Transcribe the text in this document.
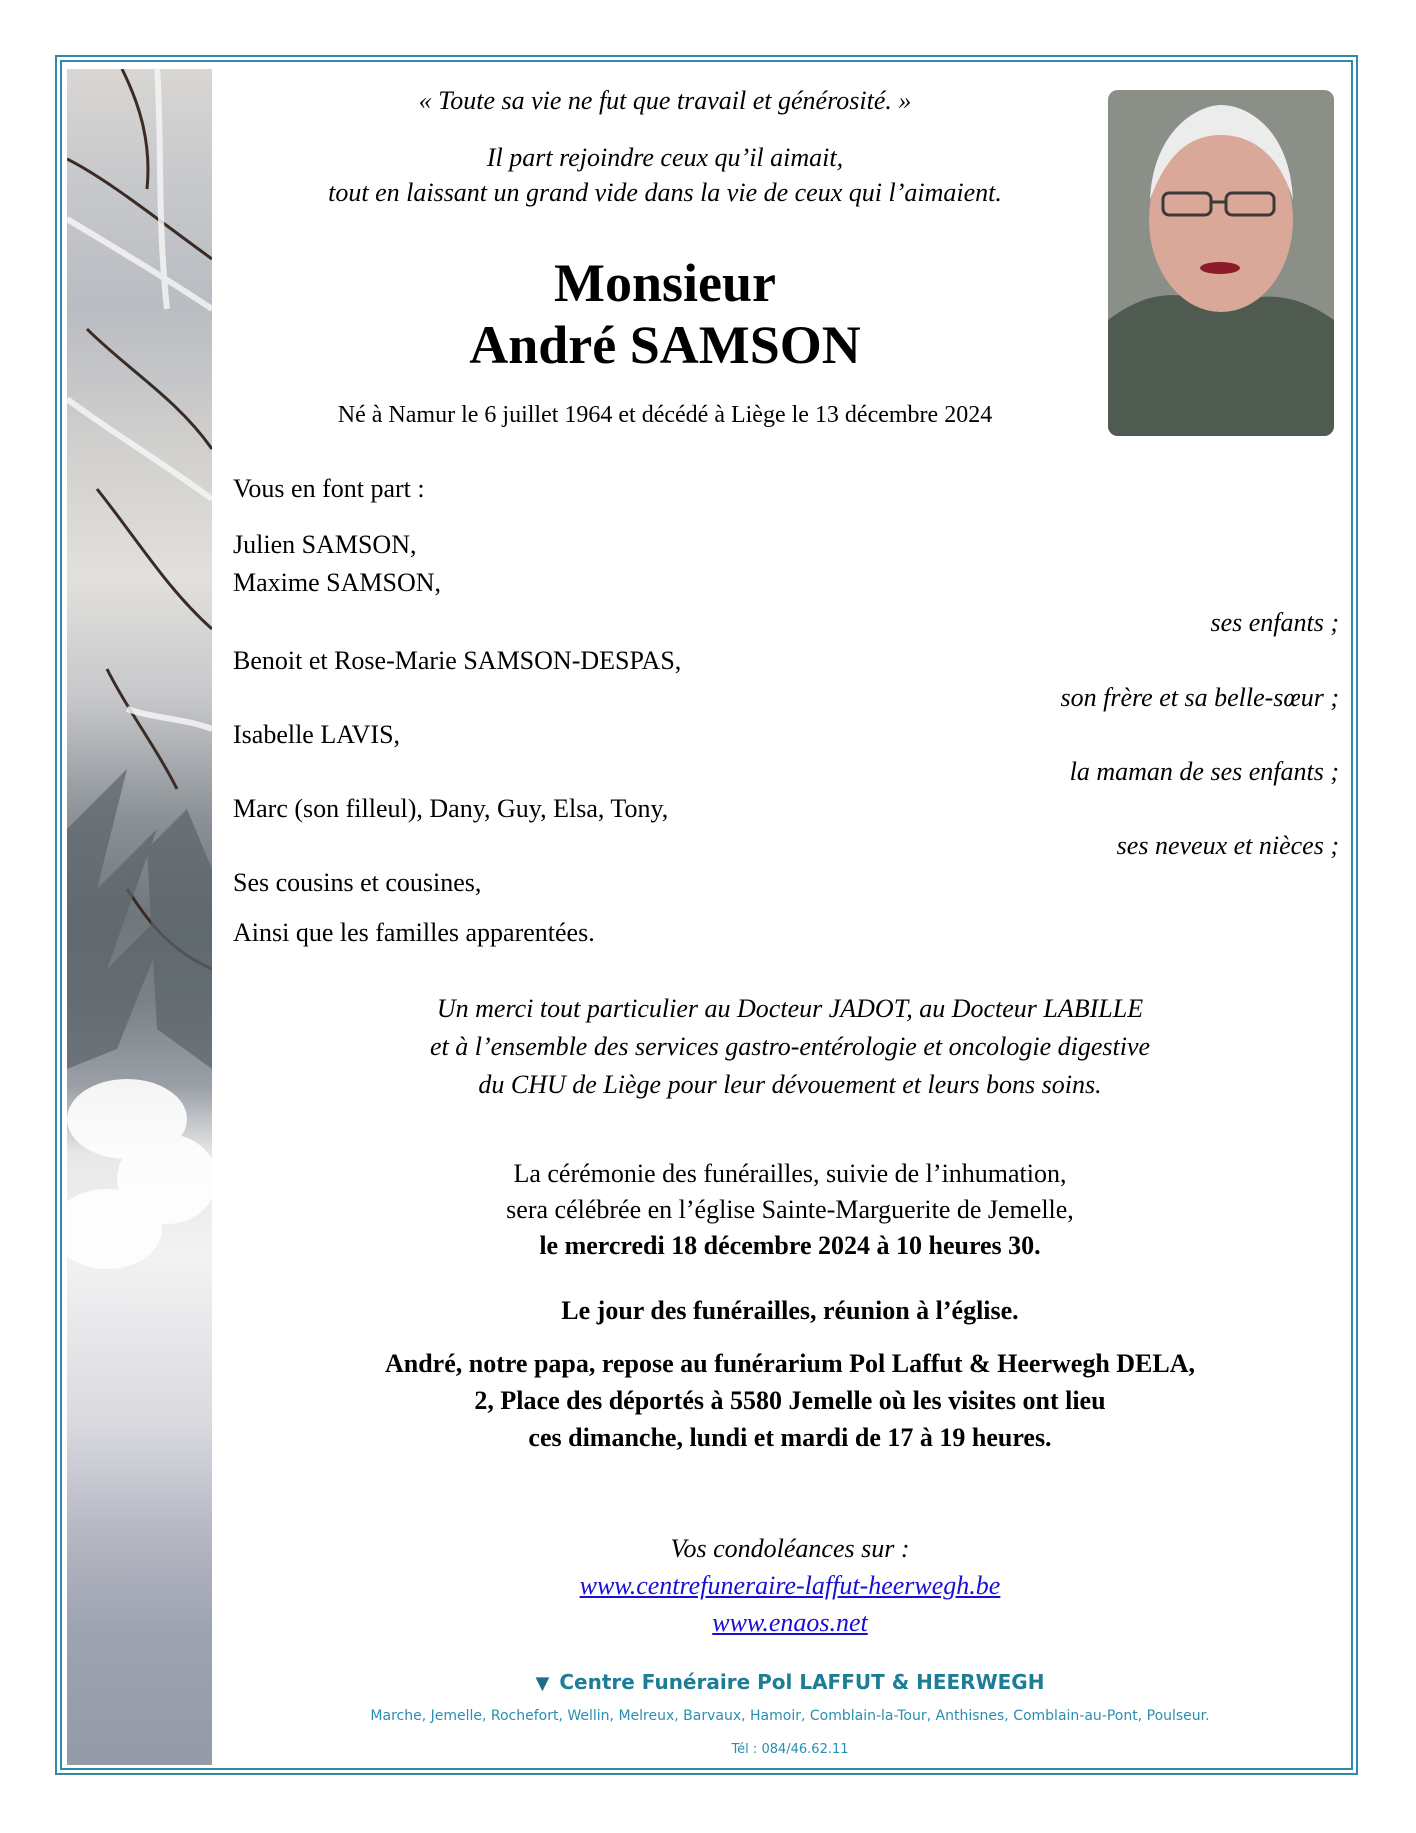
« Toute sa vie ne fut que travail et générosité. »
Il part rejoindre ceux qu’il aimait,
tout en laissant un grand vide dans la vie de ceux qui l’aimaient.
Monsieur
André SAMSON
Né à Namur le 6 juillet 1964 et décédé à Liège le 13 décembre 2024
Vous en font part :
Julien SAMSON,
Maxime SAMSON,
ses enfants ;
Benoit et Rose-Marie SAMSON-DESPAS,
son frère et sa belle-sœur ;
Isabelle LAVIS,
la maman de ses enfants ;
Marc (son filleul), Dany, Guy, Elsa, Tony,
ses neveux et nièces ;
Ses cousins et cousines,
Ainsi que les familles apparentées.
Un merci tout particulier au Docteur JADOT, au Docteur LABILLE
et à l’ensemble des services gastro-entérologie et oncologie digestive
du CHU de Liège pour leur dévouement et leurs bons soins.
La cérémonie des funérailles, suivie de l’inhumation,
sera célébrée en l’église Sainte-Marguerite de Jemelle,
le mercredi 18 décembre 2024 à 10 heures 30.
Le jour des funérailles, réunion à l’église.
André, notre papa, repose au funérarium Pol Laffut & Heerwegh DELA,
2, Place des déportés à 5580 Jemelle où les visites ont lieu
ces dimanche, lundi et mardi de 17 à 19 heures.
Vos condoléances sur :
www.centrefuneraire-laffut-heerwegh.be
www.enaos.net
▼ Centre Funéraire Pol LAFFUT & HEERWEGH
Marche, Jemelle, Rochefort, Wellin, Melreux, Barvaux, Hamoir, Comblain-la-Tour, Anthisnes, Comblain-au-Pont, Poulseur.
Tél : 084/46.62.11
